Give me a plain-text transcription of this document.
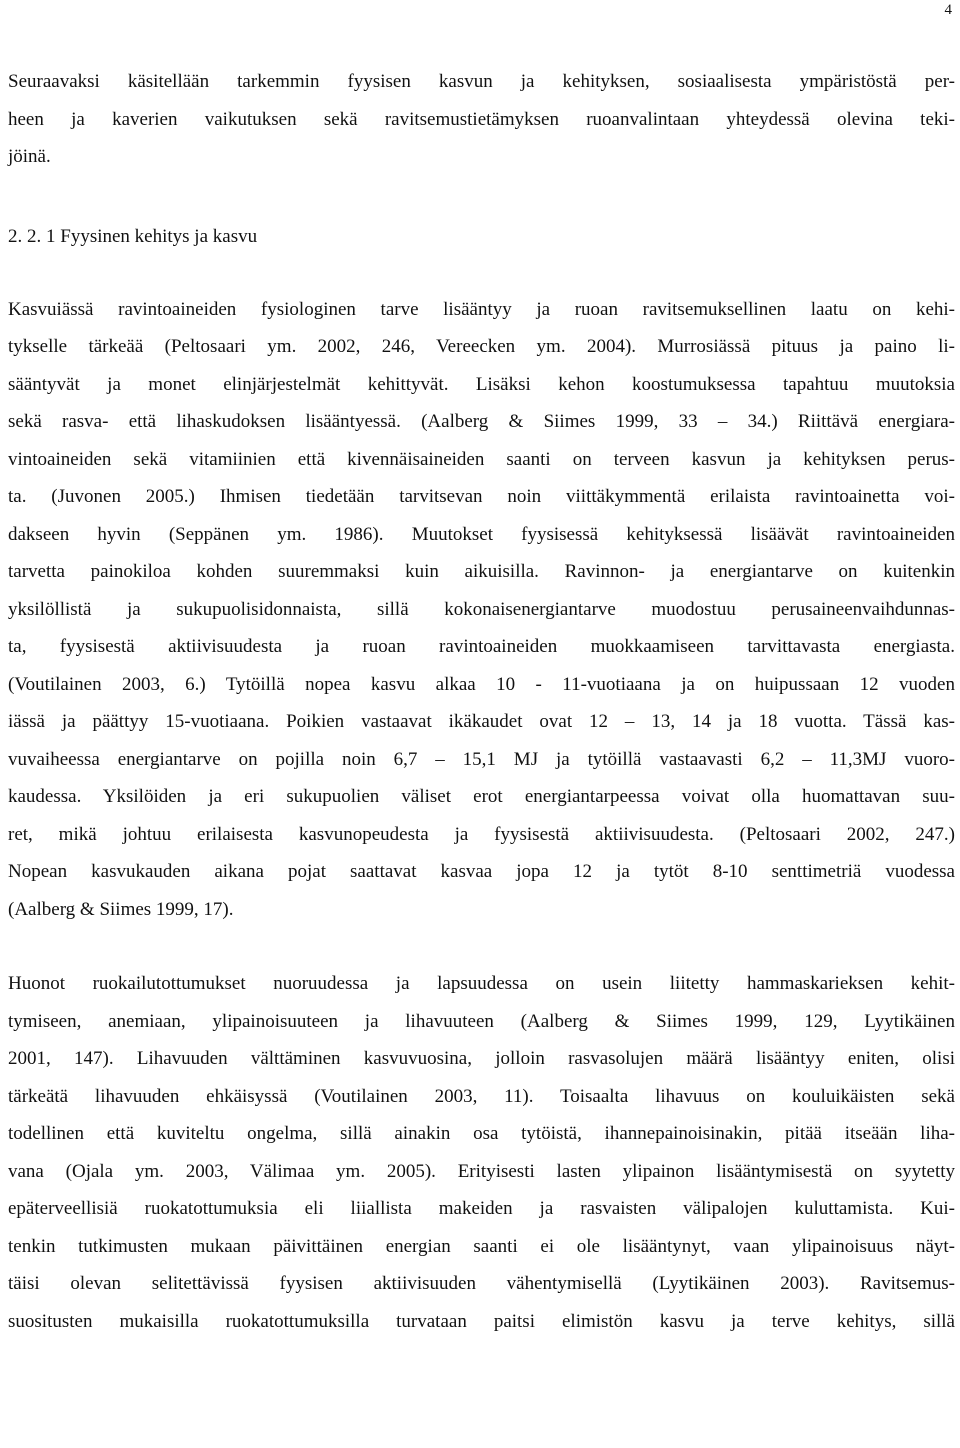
4

Seuraavaksi käsitellään tarkemmin fyysisen kasvun ja kehityksen, sosiaalisesta ympäristöstä per-
heen ja kaverien vaikutuksen sekä ravitsemustietämyksen ruoanvalintaan yhteydessä olevina teki-
jöinä.

2. 2. 1 Fyysinen kehitys ja kasvu

Kasvuiässä ravintoaineiden fysiologinen tarve lisääntyy ja ruoan ravitsemuksellinen laatu on kehi-
tykselle tärkeää (Peltosaari ym. 2002, 246, Vereecken ym. 2004). Murrosiässä pituus ja paino li-
sääntyvät ja monet elinjärjestelmät kehittyvät. Lisäksi kehon koostumuksessa tapahtuu muutoksia
sekä rasva- että lihaskudoksen lisääntyessä. (Aalberg & Siimes 1999, 33 – 34.) Riittävä energiara-
vintoaineiden sekä vitamiinien että kivennäisaineiden saanti on terveen kasvun ja kehityksen perus-
ta. (Juvonen 2005.) Ihmisen tiedetään tarvitsevan noin viittäkymmentä erilaista ravintoainetta voi-
dakseen hyvin (Seppänen ym. 1986). Muutokset fyysisessä kehityksessä lisäävät ravintoaineiden
tarvetta painokiloa kohden suuremmaksi kuin aikuisilla. Ravinnon- ja energiantarve on kuitenkin
yksilöllistä ja sukupuolisidonnaista, sillä kokonaisenergiantarve muodostuu perusaineenvaihdunnas-
ta, fyysisestä aktiivisuudesta ja ruoan ravintoaineiden muokkaamiseen tarvittavasta energiasta.
(Voutilainen 2003, 6.) Tytöillä nopea kasvu alkaa 10 - 11-vuotiaana ja on huipussaan 12 vuoden
iässä ja päättyy 15-vuotiaana. Poikien vastaavat ikäkaudet ovat 12 – 13, 14 ja 18 vuotta. Tässä kas-
vuvaiheessa energiantarve on pojilla noin 6,7 – 15,1 MJ ja tytöillä vastaavasti 6,2 – 11,3MJ vuoro-
kaudessa. Yksilöiden ja eri sukupuolien väliset erot energiantarpeessa voivat olla huomattavan suu-
ret, mikä johtuu erilaisesta kasvunopeudesta ja fyysisestä aktiivisuudesta. (Peltosaari 2002, 247.)
Nopean kasvukauden aikana pojat saattavat kasvaa jopa 12 ja tytöt 8-10 senttimetriä vuodessa
(Aalberg & Siimes 1999, 17).

Huonot ruokailutottumukset nuoruudessa ja lapsuudessa on usein liitetty hammaskarieksen kehit-
tymiseen, anemiaan, ylipainoisuuteen ja lihavuuteen (Aalberg & Siimes 1999, 129, Lyytikäinen
2001, 147). Lihavuuden välttäminen kasvuvuosina, jolloin rasvasolujen määrä lisääntyy eniten, olisi
tärkeätä lihavuuden ehkäisyssä (Voutilainen 2003, 11). Toisaalta lihavuus on kouluikäisten sekä
todellinen että kuviteltu ongelma, sillä ainakin osa tytöistä, ihannepainoisinakin, pitää itseään liha-
vana (Ojala ym. 2003, Välimaa ym. 2005). Erityisesti lasten ylipainon lisääntymisestä on syytetty
epäterveellisiä ruokatottumuksia eli liiallista makeiden ja rasvaisten välipalojen kuluttamista. Kui-
tenkin tutkimusten mukaan päivittäinen energian saanti ei ole lisääntynyt, vaan ylipainoisuus näyt-
täisi olevan selitettävissä fyysisen aktiivisuuden vähentymisellä (Lyytikäinen 2003). Ravitsemus-
suositusten mukaisilla ruokatottumuksilla turvataan paitsi elimistön kasvu ja terve kehitys, sillä
